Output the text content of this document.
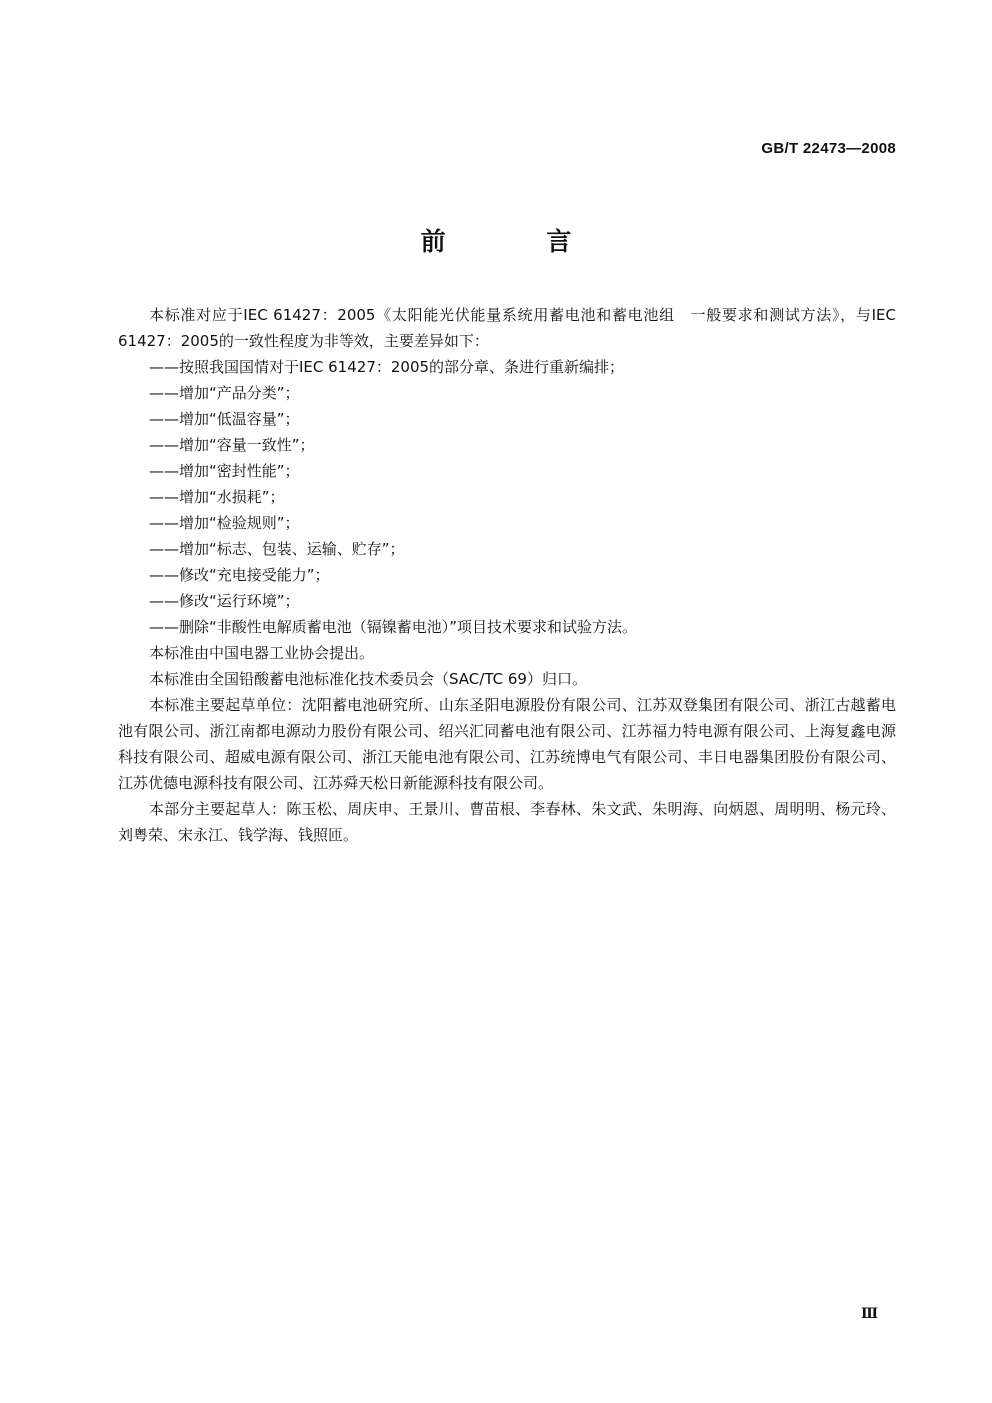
GB/T 22473—2008
前 言

本标准对应于IEC 61427：2005《太阳能光伏能量系统用蓄电池和蓄电池组　一般要求和测试方法》，与IEC 61427：2005的一致性程度为非等效，主要差异如下：

——按照我国国情对于IEC 61427：2005的部分章、条进行重新编排；
——增加“产品分类”；
——增加“低温容量”；
——增加“容量一致性”；
——增加“密封性能”；
——增加“水损耗”；
——增加“检验规则”；
——增加“标志、包装、运输、贮存”；
——修改“充电接受能力”；
——修改“运行环境”；
——删除“非酸性电解质蓄电池（镉镍蓄电池）”项目技术要求和试验方法。

本标准由中国电器工业协会提出。

本标准由全国铅酸蓄电池标准化技术委员会（SAC/TC 69）归口。

本标准主要起草单位：沈阳蓄电池研究所、山东圣阳电源股份有限公司、江苏双登集团有限公司、浙江古越蓄电池有限公司、浙江南都电源动力股份有限公司、绍兴汇同蓄电池有限公司、江苏福力特电源有限公司、上海复鑫电源科技有限公司、超威电源有限公司、浙江天能电池有限公司、江苏统博电气有限公司、丰日电器集团股份有限公司、江苏优德电源科技有限公司、江苏舜天松日新能源科技有限公司。

本部分主要起草人：陈玉松、周庆申、王景川、曹苗根、李春林、朱文武、朱明海、向炳恩、周明明、杨元玲、刘粤荣、宋永江、钱学海、钱照匝。

Ⅲ
